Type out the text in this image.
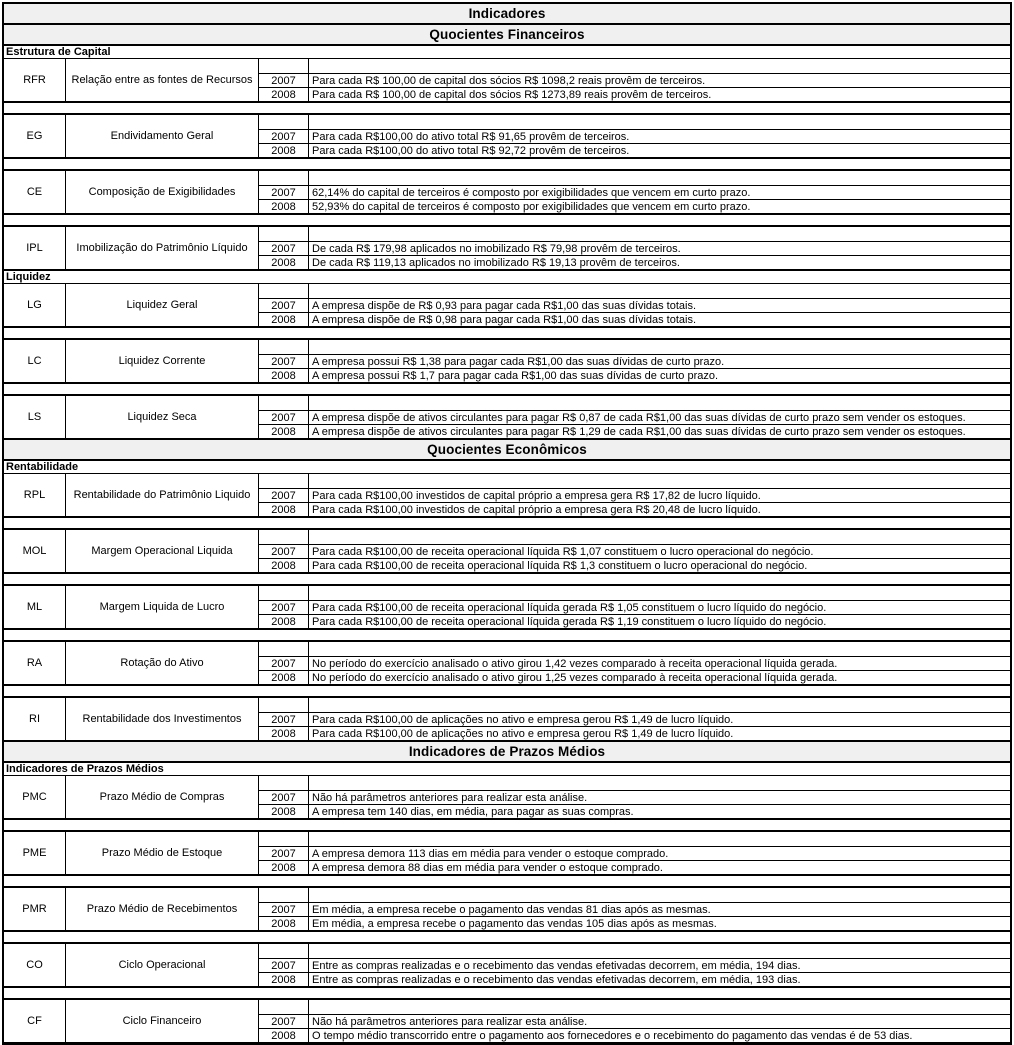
Indicadores
Quocientes Financeiros
Estrutura de Capital
RFR	Relação entre as fontes de Recursos	2007	Para cada R$ 100,00 de capital dos sócios R$ 1098,2 reais provêm de terceiros.
2008	Para cada R$ 100,00 de capital dos sócios R$ 1273,89 reais provêm de terceiros.
EG	Endividamento Geral	2007	Para cada R$100,00 do ativo total R$ 91,65 provêm de terceiros.
2008	Para cada R$100,00 do ativo total R$ 92,72 provêm de terceiros.
CE	Composição de Exigibilidades	2007	62,14% do capital de terceiros é composto por exigibilidades que vencem em curto prazo.
2008	52,93% do capital de terceiros é composto por exigibilidades que vencem em curto prazo.
IPL	Imobilização do Patrimônio Líquido	2007	De cada R$ 179,98 aplicados no imobilizado R$ 79,98 provêm de terceiros.
2008	De cada R$ 119,13 aplicados no imobilizado R$ 19,13 provêm de terceiros.
Liquidez
LG	Liquidez Geral	2007	A empresa dispõe de R$ 0,93 para pagar cada R$1,00 das suas dívidas totais.
2008	A empresa dispõe de R$ 0,98 para pagar cada R$1,00 das suas dívidas totais.
LC	Liquidez Corrente	2007	A empresa possui R$ 1,38 para pagar cada R$1,00 das suas dívidas de curto prazo.
2008	A empresa possui R$ 1,7 para pagar cada R$1,00 das suas dívidas de curto prazo.
LS	Liquidez Seca	2007	A empresa dispõe de ativos circulantes para pagar R$ 0,87 de cada R$1,00 das suas dívidas de curto prazo sem vender os estoques.
2008	A empresa dispõe de ativos circulantes para pagar R$ 1,29 de cada R$1,00 das suas dívidas de curto prazo sem vender os estoques.
Quocientes Econômicos
Rentabilidade
RPL	Rentabilidade do Patrimônio Liquido	2007	Para cada R$100,00 investidos de capital próprio a empresa gera R$ 17,82 de lucro líquido.
2008	Para cada R$100,00 investidos de capital próprio a empresa gera R$ 20,48 de lucro líquido.
MOL	Margem Operacional Liquida	2007	Para cada R$100,00 de receita operacional líquida R$ 1,07 constituem o lucro operacional do negócio.
2008	Para cada R$100,00 de receita operacional líquida R$ 1,3 constituem o lucro operacional do negócio.
ML	Margem Liquida de Lucro	2007	Para cada R$100,00 de receita operacional líquida gerada R$ 1,05 constituem o lucro líquido do negócio.
2008	Para cada R$100,00 de receita operacional líquida gerada R$ 1,19 constituem o lucro líquido do negócio.
RA	Rotação do Ativo	2007	No período do exercício analisado o ativo girou 1,42 vezes comparado à receita operacional líquida gerada.
2008	No período do exercício analisado o ativo girou 1,25 vezes comparado à receita operacional líquida gerada.
RI	Rentabilidade dos Investimentos	2007	Para cada R$100,00 de aplicações no ativo e empresa gerou R$ 1,49 de lucro líquido.
2008	Para cada R$100,00 de aplicações no ativo e empresa gerou R$ 1,49 de lucro líquido.
Indicadores de Prazos Médios
Indicadores de Prazos Médios
PMC	Prazo Médio de Compras	2007	Não há parâmetros anteriores para realizar esta análise.
2008	A empresa tem 140 dias, em média, para pagar as suas compras.
PME	Prazo Médio de Estoque	2007	A empresa demora 113 dias em média para vender o estoque comprado.
2008	A empresa demora 88 dias em média para vender o estoque comprado.
PMR	Prazo Médio de Recebimentos	2007	Em média, a empresa recebe o pagamento das vendas 81 dias após as mesmas.
2008	Em média, a empresa recebe o pagamento das vendas 105 dias após as mesmas.
CO	Ciclo Operacional	2007	Entre as compras realizadas e o recebimento das vendas efetivadas decorrem, em média, 194 dias.
2008	Entre as compras realizadas e o recebimento das vendas efetivadas decorrem, em média, 193 dias.
CF	Ciclo Financeiro	2007	Não há parâmetros anteriores para realizar esta análise.
2008	O tempo médio transcorrido entre o pagamento aos fornecedores e o recebimento do pagamento das vendas é de 53 dias.
